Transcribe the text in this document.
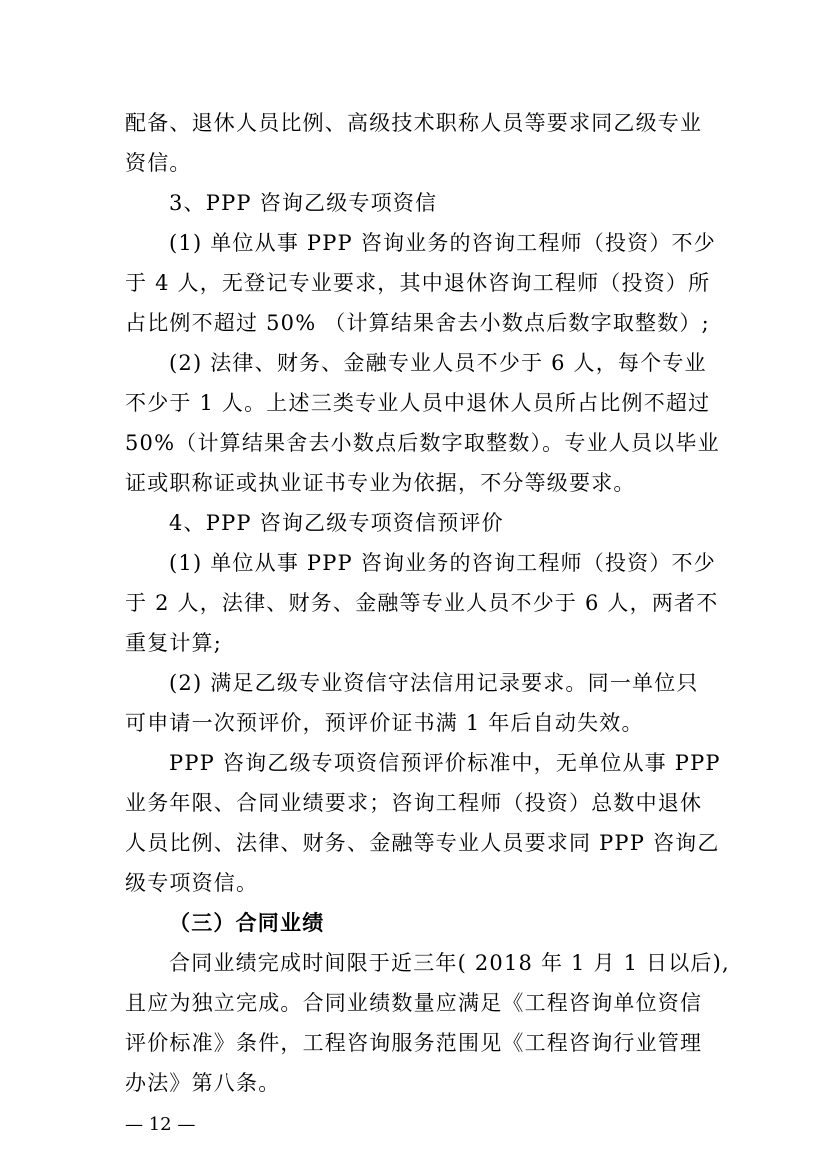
配备、退休人员比例、高级技术职称人员等要求同乙级专业
资信。
3、PPP 咨询乙级专项资信
(1) 单位从事 PPP 咨询业务的咨询工程师（投资）不少
于 4 人，无登记专业要求，其中退休咨询工程师（投资）所
占比例不超过 50% （计算结果舍去小数点后数字取整数）;
(2) 法律、财务、金融专业人员不少于 6 人，每个专业
不少于 1 人。上述三类专业人员中退休人员所占比例不超过
50%（计算结果舍去小数点后数字取整数）。专业人员以毕业
证或职称证或执业证书专业为依据，不分等级要求。
4、PPP 咨询乙级专项资信预评价
(1) 单位从事 PPP 咨询业务的咨询工程师（投资）不少
于 2 人，法律、财务、金融等专业人员不少于 6 人，两者不
重复计算;
(2) 满足乙级专业资信守法信用记录要求。同一单位只
可申请一次预评价，预评价证书满 1 年后自动失效。
PPP 咨询乙级专项资信预评价标准中，无单位从事 PPP
业务年限、合同业绩要求；咨询工程师（投资）总数中退休
人员比例、法律、财务、金融等专业人员要求同 PPP 咨询乙
级专项资信。
（三）合同业绩
合同业绩完成时间限于近三年( 2018 年 1 月 1 日以后),
且应为独立完成。合同业绩数量应满足《工程咨询单位资信
评价标准》条件，工程咨询服务范围见《工程咨询行业管理
办法》第八条。
— 12 —
